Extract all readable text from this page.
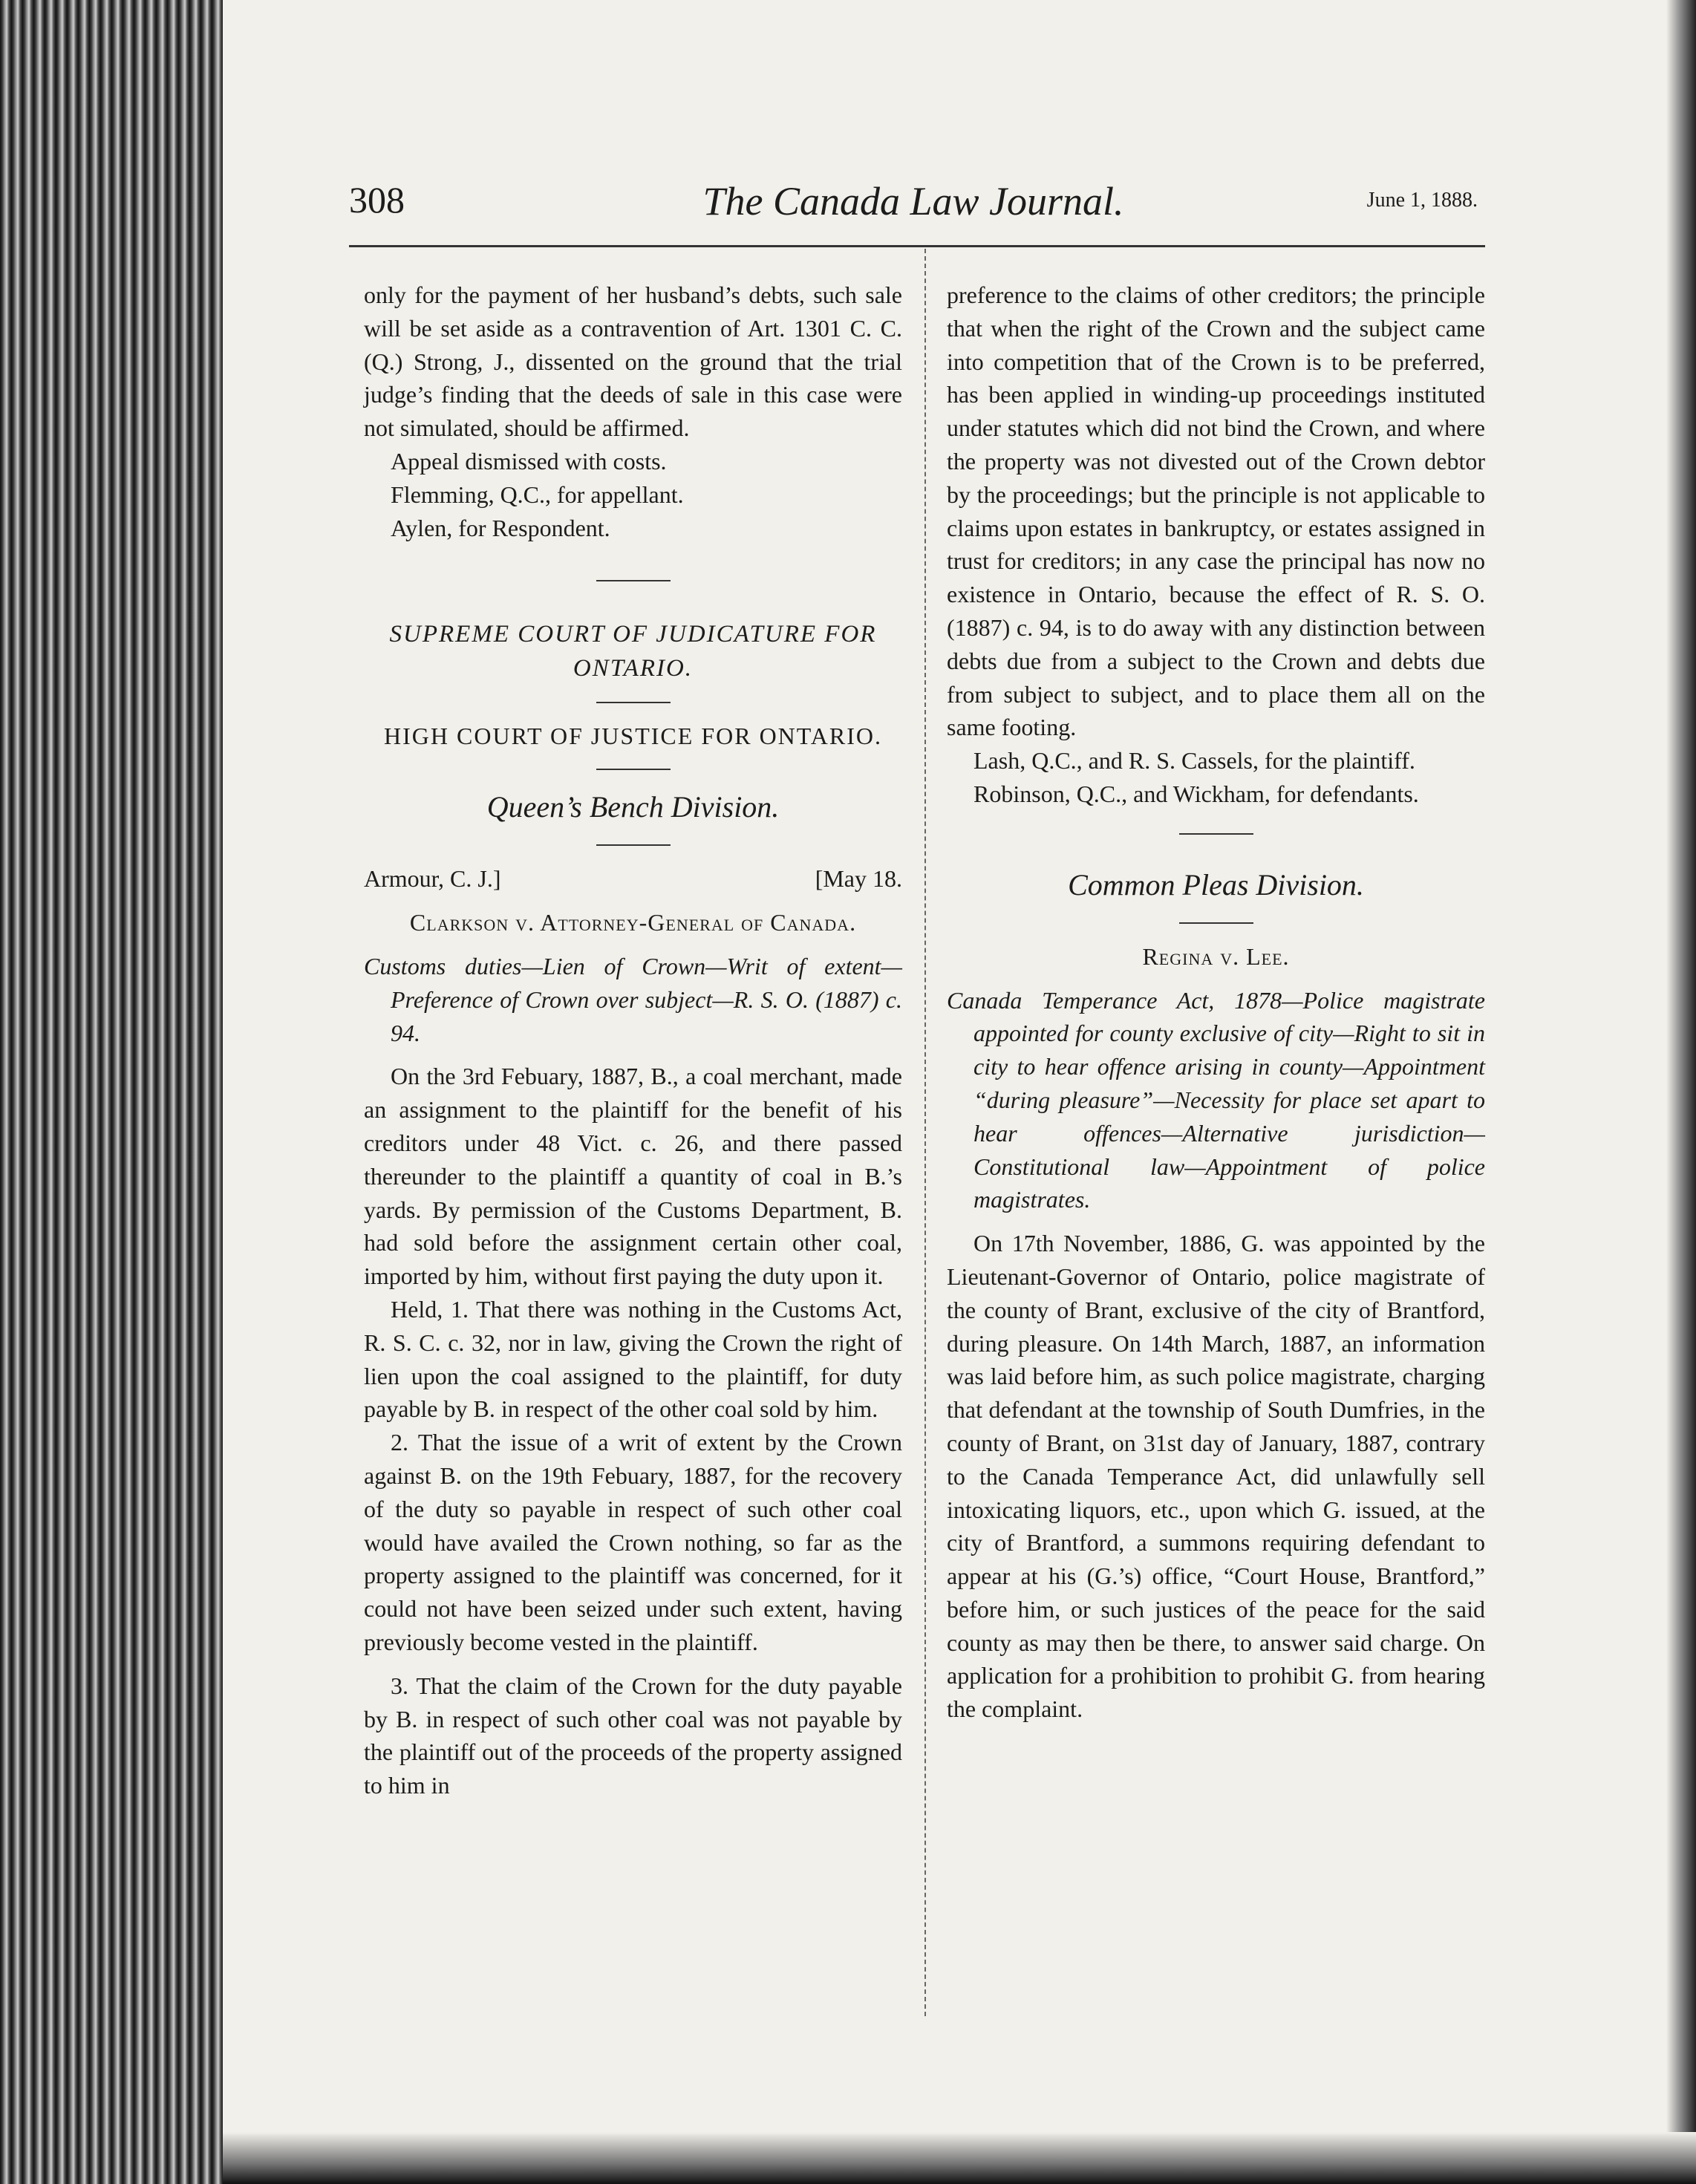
308	The Canada Law Journal.	June 1, 1888.

only for the payment of her husband’s debts, such sale will be set aside as a contravention of Art. 1301 C. C. (Q.) Strong, J., dissented on the ground that the trial judge’s finding that the deeds of sale in this case were not simulated, should be affirmed.

Appeal dismissed with costs.

Flemming, Q.C., for appellant.

Aylen, for Respondent.

SUPREME COURT OF JUDICATURE FOR ONTARIO.

HIGH COURT OF JUSTICE FOR ONTARIO.

Queen’s Bench Division.

Armour, C. J.]	[May 18.

Clarkson v. Attorney-General of Canada.

Customs duties—Lien of Crown—Writ of extent—Preference of Crown over subject—R. S. O. (1887) c. 94.

On the 3rd Febuary, 1887, B., a coal merchant, made an assignment to the plaintiff for the benefit of his creditors under 48 Vict. c. 26, and there passed thereunder to the plaintiff a quantity of coal in B.’s yards. By permission of the Customs Department, B. had sold before the assignment certain other coal, imported by him, without first paying the duty upon it.

Held, 1. That there was nothing in the Customs Act, R. S. C. c. 32, nor in law, giving the Crown the right of lien upon the coal assigned to the plaintiff, for duty payable by B. in respect of the other coal sold by him.

2. That the issue of a writ of extent by the Crown against B. on the 19th Febuary, 1887, for the recovery of the duty so payable in respect of such other coal would have availed the Crown nothing, so far as the property assigned to the plaintiff was concerned, for it could not have been seized under such extent, having previously become vested in the plaintiff.

3. That the claim of the Crown for the duty payable by B. in respect of such other coal was not payable by the plaintiff out of the proceeds of the property assigned to him in

preference to the claims of other creditors; the principle that when the right of the Crown and the subject came into competition that of the Crown is to be preferred, has been applied in winding-up proceedings instituted under statutes which did not bind the Crown, and where the property was not divested out of the Crown debtor by the proceedings; but the principle is not applicable to claims upon estates in bankruptcy, or estates assigned in trust for creditors; in any case the principal has now no existence in Ontario, because the effect of R. S. O. (1887) c. 94, is to do away with any distinction between debts due from a subject to the Crown and debts due from subject to subject, and to place them all on the same footing.

Lash, Q.C., and R. S. Cassels, for the plaintiff.

Robinson, Q.C., and Wickham, for defendants.

Common Pleas Division.

Regina v. Lee.

Canada Temperance Act, 1878—Police magistrate appointed for county exclusive of city—Right to sit in city to hear offence arising in county—Appointment “during pleasure”—Necessity for place set apart to hear offences—Alternative jurisdiction—Constitutional law—Appointment of police magistrates.

On 17th November, 1886, G. was appointed by the Lieutenant-Governor of Ontario, police magistrate of the county of Brant, exclusive of the city of Brantford, during pleasure. On 14th March, 1887, an information was laid before him, as such police magistrate, charging that defendant at the township of South Dumfries, in the county of Brant, on 31st day of January, 1887, contrary to the Canada Temperance Act, did unlawfully sell intoxicating liquors, etc., upon which G. issued, at the city of Brantford, a summons requiring defendant to appear at his (G.’s) office, “Court House, Brantford,” before him, or such justices of the peace for the said county as may then be there, to answer said charge. On application for a prohibition to prohibit G. from hearing the complaint.
